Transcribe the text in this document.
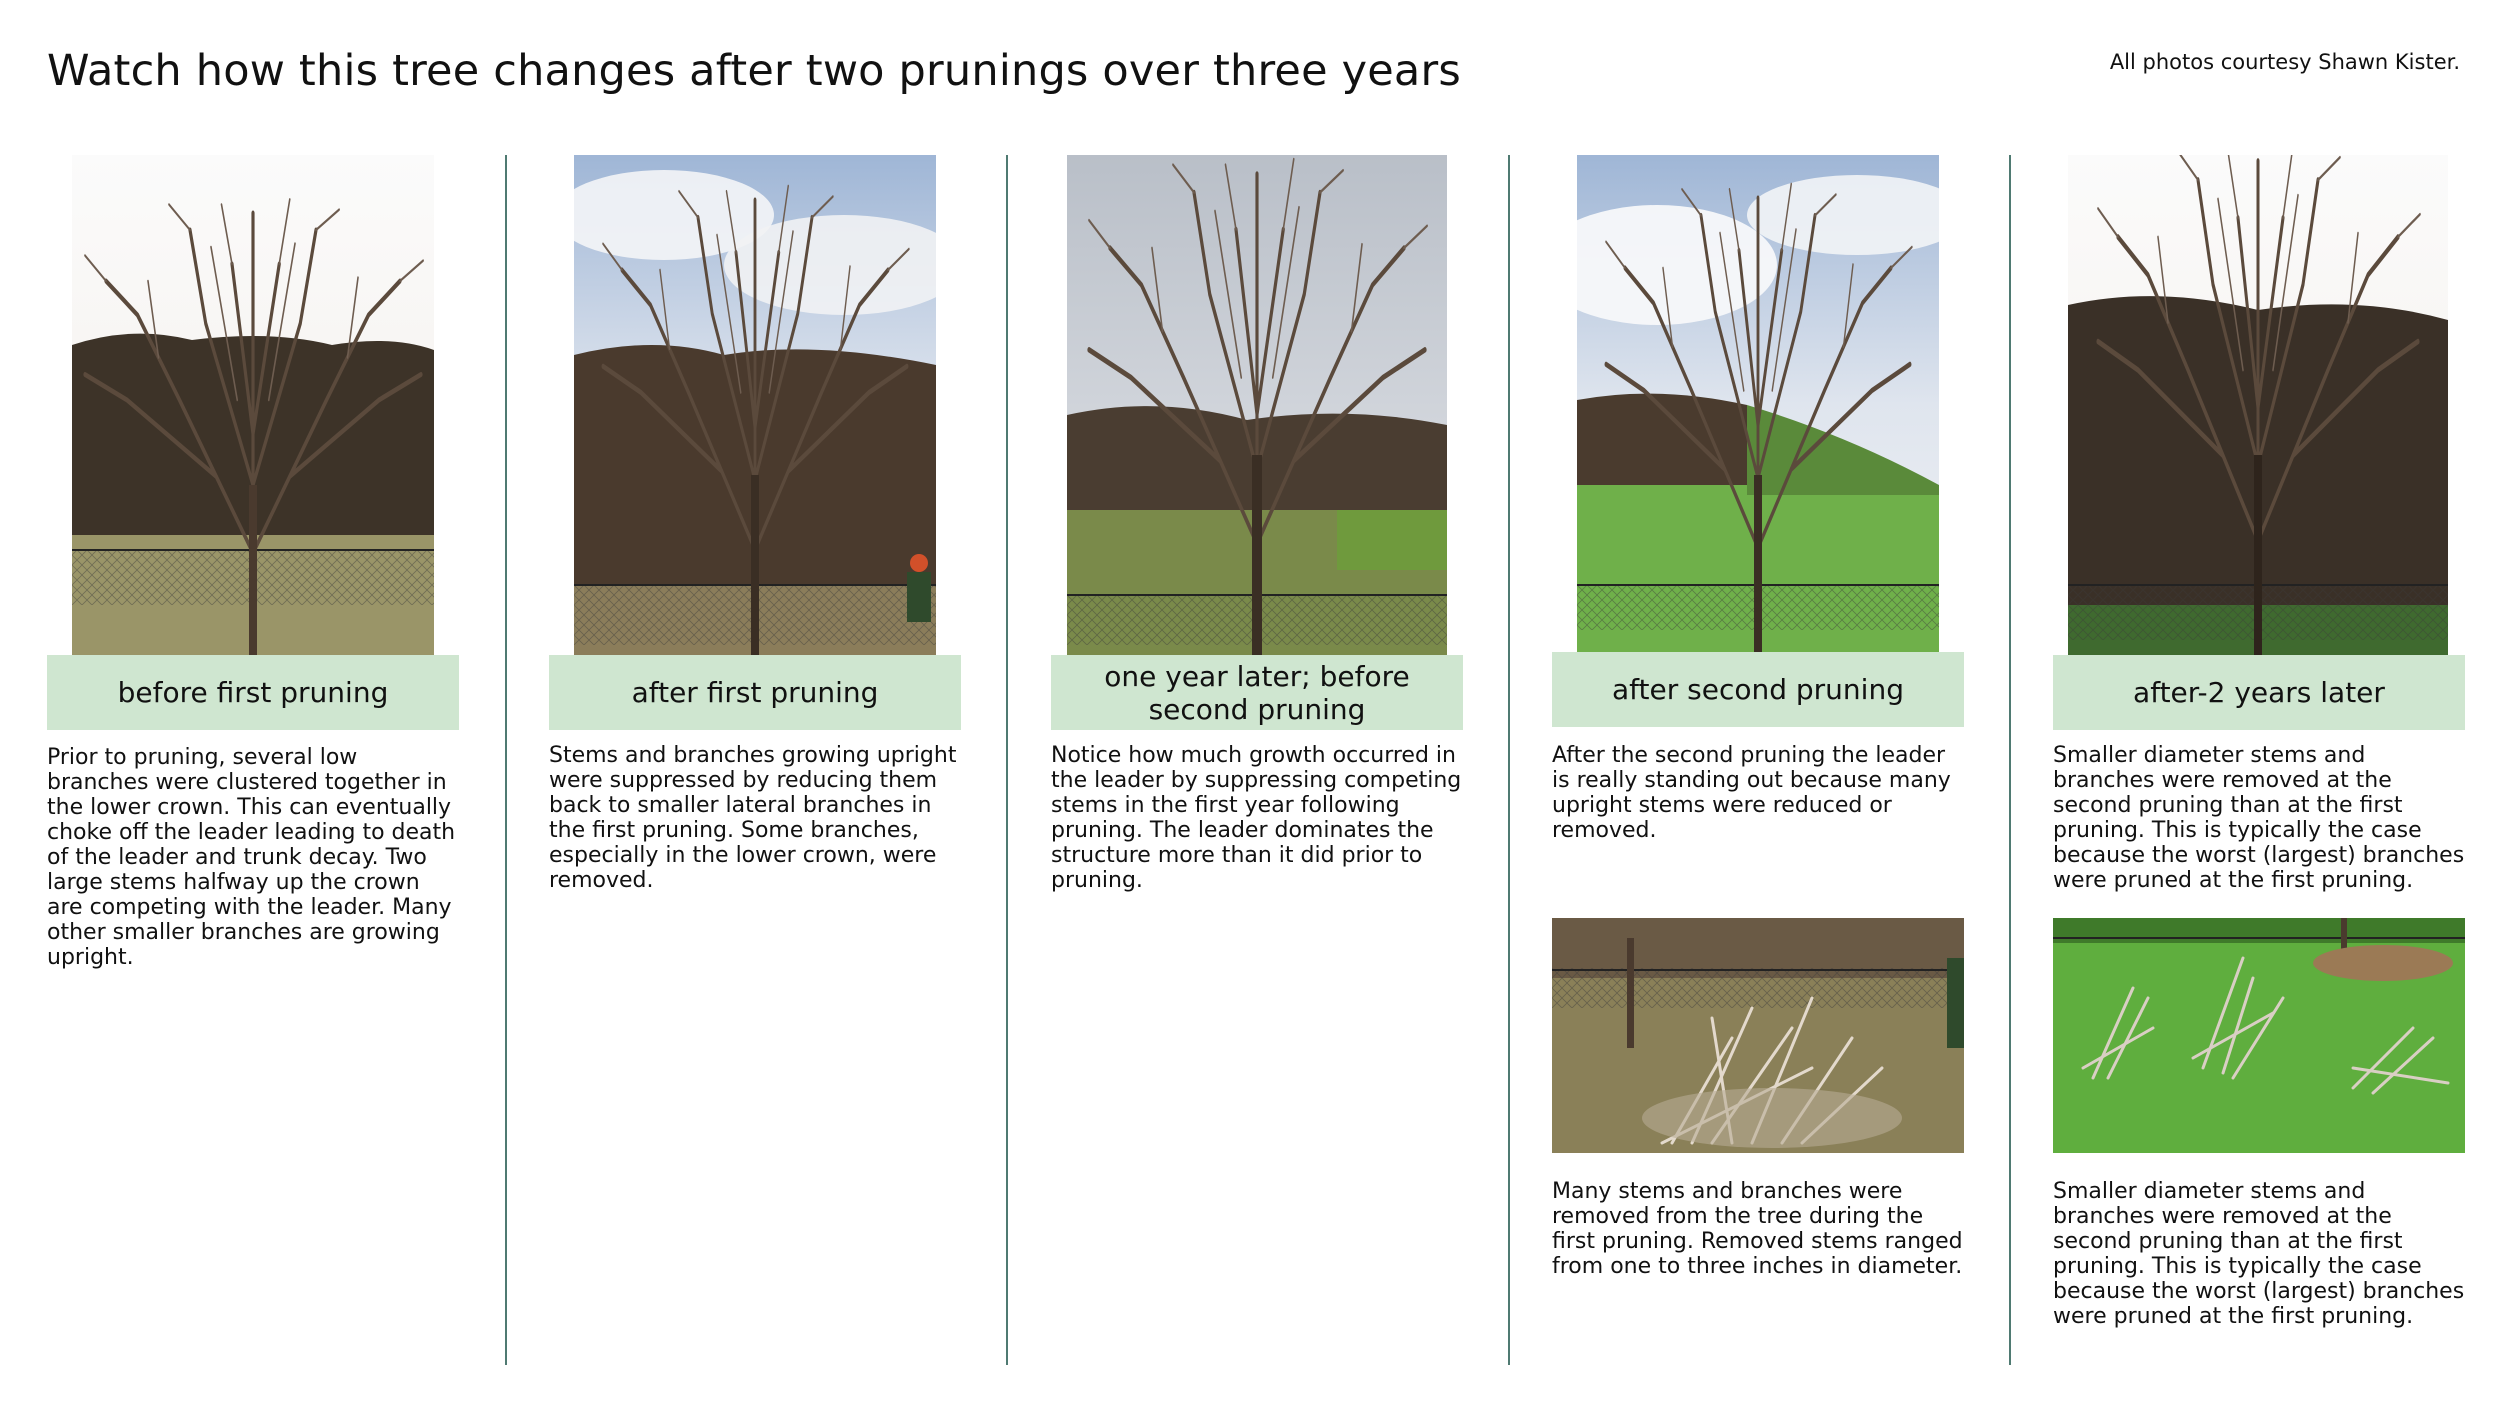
Watch how this tree changes after two prunings over three years	All photos courtesy Shawn Kister.
before first pruning

Prior to pruning, several low branches were clustered together in the lower crown. This can eventually choke off the leader leading to death of the leader and trunk decay. Two large stems halfway up the crown are competing with the leader. Many other smaller branches are growing upright.

after first pruning

Stems and branches growing upright were suppressed by reducing them back to smaller lateral branches in the first pruning. Some branches, especially in the lower crown, were removed.

one year later; before second pruning

Notice how much growth occurred in the leader by suppressing competing stems in the first year following pruning. The leader dominates the structure more than it did prior to pruning.

after second pruning

After the second pruning the leader is really standing out because many upright stems were reduced or removed.

Many stems and branches were removed from the tree during the first pruning. Removed stems ranged from one to three inches in diameter.

after-2 years later

Smaller diameter stems and branches were removed at the second pruning than at the first pruning. This is typically the case because the worst (largest) branches were pruned at the first pruning.

Smaller diameter stems and branches were removed at the second pruning than at the first pruning. This is typically the case because the worst (largest) branches were pruned at the first pruning.
